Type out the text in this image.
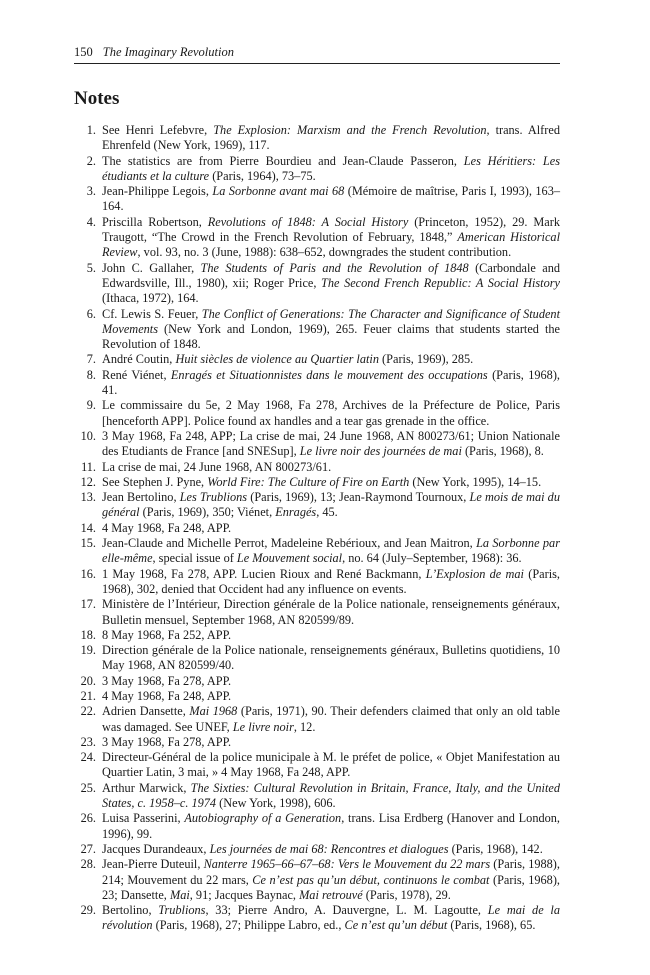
150 The Imaginary Revolution
Notes
1. See Henri Lefebvre, The Explosion: Marxism and the French Revolution, trans. Alfred Ehrenfeld (New York, 1969), 117.
2. The statistics are from Pierre Bourdieu and Jean-Claude Passeron, Les Héritiers: Les étudiants et la culture (Paris, 1964), 73–75.
3. Jean-Philippe Legois, La Sorbonne avant mai 68 (Mémoire de maîtrise, Paris I, 1993), 163–164.
4. Priscilla Robertson, Revolutions of 1848: A Social History (Princeton, 1952), 29. Mark Traugott, “The Crowd in the French Revolution of February, 1848,” American Historical Review, vol. 93, no. 3 (June, 1988): 638–652, downgrades the student contribution.
5. John C. Gallaher, The Students of Paris and the Revolution of 1848 (Carbondale and Edwardsville, Ill., 1980), xii; Roger Price, The Second French Republic: A Social History (Ithaca, 1972), 164.
6. Cf. Lewis S. Feuer, The Conflict of Generations: The Character and Significance of Student Movements (New York and London, 1969), 265. Feuer claims that students started the Revolution of 1848.
7. André Coutin, Huit siècles de violence au Quartier latin (Paris, 1969), 285.
8. René Viénet, Enragés et Situationnistes dans le mouvement des occupations (Paris, 1968), 41.
9. Le commissaire du 5e, 2 May 1968, Fa 278, Archives de la Préfecture de Police, Paris [henceforth APP]. Police found ax handles and a tear gas grenade in the office.
10. 3 May 1968, Fa 248, APP; La crise de mai, 24 June 1968, AN 800273/61; Union Nationale des Etudiants de France [and SNESup], Le livre noir des journées de mai (Paris, 1968), 8.
11. La crise de mai, 24 June 1968, AN 800273/61.
12. See Stephen J. Pyne, World Fire: The Culture of Fire on Earth (New York, 1995), 14–15.
13. Jean Bertolino, Les Trublions (Paris, 1969), 13; Jean-Raymond Tournoux, Le mois de mai du général (Paris, 1969), 350; Viénet, Enragés, 45.
14. 4 May 1968, Fa 248, APP.
15. Jean-Claude and Michelle Perrot, Madeleine Rebérioux, and Jean Maitron, La Sorbonne par elle-même, special issue of Le Mouvement social, no. 64 (July–September, 1968): 36.
16. 1 May 1968, Fa 278, APP. Lucien Rioux and René Backmann, L’Explosion de mai (Paris, 1968), 302, denied that Occident had any influence on events.
17. Ministère de l’Intérieur, Direction générale de la Police nationale, renseignements généraux, Bulletin mensuel, September 1968, AN 820599/89.
18. 8 May 1968, Fa 252, APP.
19. Direction générale de la Police nationale, renseignements généraux, Bulletins quotidiens, 10 May 1968, AN 820599/40.
20. 3 May 1968, Fa 278, APP.
21. 4 May 1968, Fa 248, APP.
22. Adrien Dansette, Mai 1968 (Paris, 1971), 90. Their defenders claimed that only an old table was damaged. See UNEF, Le livre noir, 12.
23. 3 May 1968, Fa 278, APP.
24. Directeur-Général de la police municipale à M. le préfet de police, « Objet Manifestation au Quartier Latin, 3 mai, » 4 May 1968, Fa 248, APP.
25. Arthur Marwick, The Sixties: Cultural Revolution in Britain, France, Italy, and the United States, c. 1958–c. 1974 (New York, 1998), 606.
26. Luisa Passerini, Autobiography of a Generation, trans. Lisa Erdberg (Hanover and London, 1996), 99.
27. Jacques Durandeaux, Les journées de mai 68: Rencontres et dialogues (Paris, 1968), 142.
28. Jean-Pierre Duteuil, Nanterre 1965–66–67–68: Vers le Mouvement du 22 mars (Paris, 1988), 214; Mouvement du 22 mars, Ce n’est pas qu’un début, continuons le combat (Paris, 1968), 23; Dansette, Mai, 91; Jacques Baynac, Mai retrouvé (Paris, 1978), 29.
29. Bertolino, Trublions, 33; Pierre Andro, A. Dauvergne, L. M. Lagoutte, Le mai de la révolution (Paris, 1968), 27; Philippe Labro, ed., Ce n’est qu’un début (Paris, 1968), 65.
